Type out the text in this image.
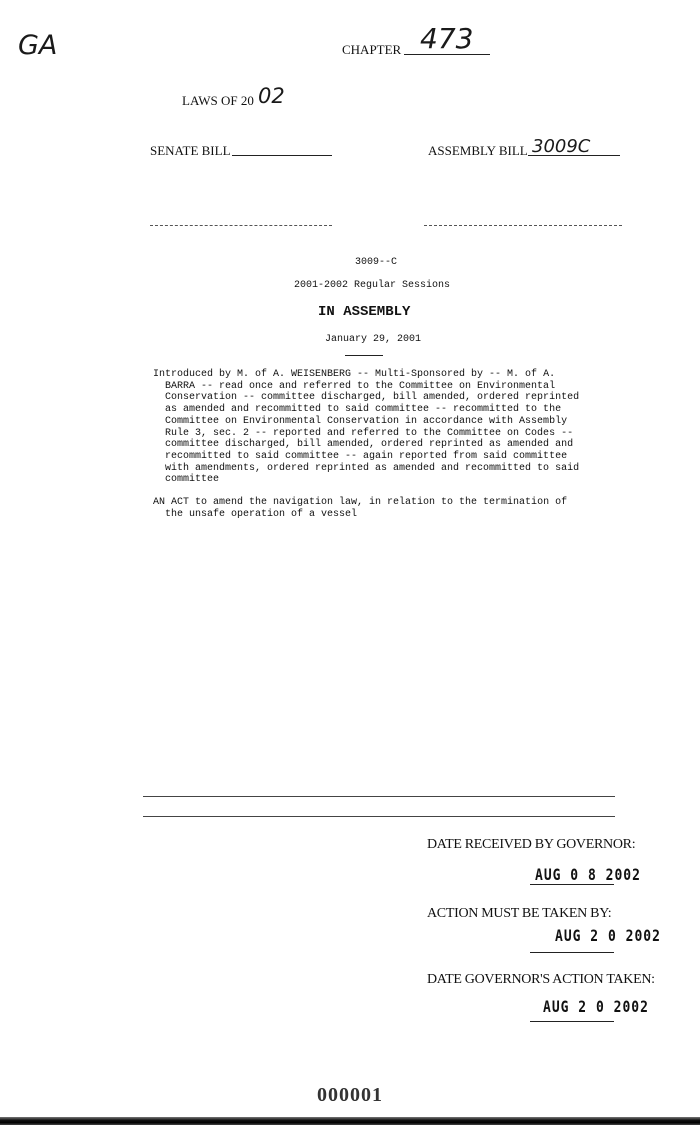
GA	CHAPTER 473
LAWS OF 20 02
SENATE BILL	ASSEMBLY BILL 3009C
3009--C
2001-2002 Regular Sessions
IN ASSEMBLY
January 29, 2001
Introduced by M. of A. WEISENBERG -- Multi-Sponsored by -- M. of A.
BARRA -- read once and referred to the Committee on Environmental
Conservation -- committee discharged, bill amended, ordered reprinted
as amended and recommitted to said committee -- recommitted to the
Committee on Environmental Conservation in accordance with Assembly
Rule 3, sec. 2 -- reported and referred to the Committee on Codes --
committee discharged, bill amended, ordered reprinted as amended and
recommitted to said committee -- again reported from said committee
with amendments, ordered reprinted as amended and recommitted to said
committee
AN ACT to amend the navigation law, in relation to the termination of
the unsafe operation of a vessel
DATE RECEIVED BY GOVERNOR:
AUG 0 8 2002
ACTION MUST BE TAKEN BY:
AUG 2 0 2002
DATE GOVERNOR'S ACTION TAKEN:
AUG 2 0 2002
000001
